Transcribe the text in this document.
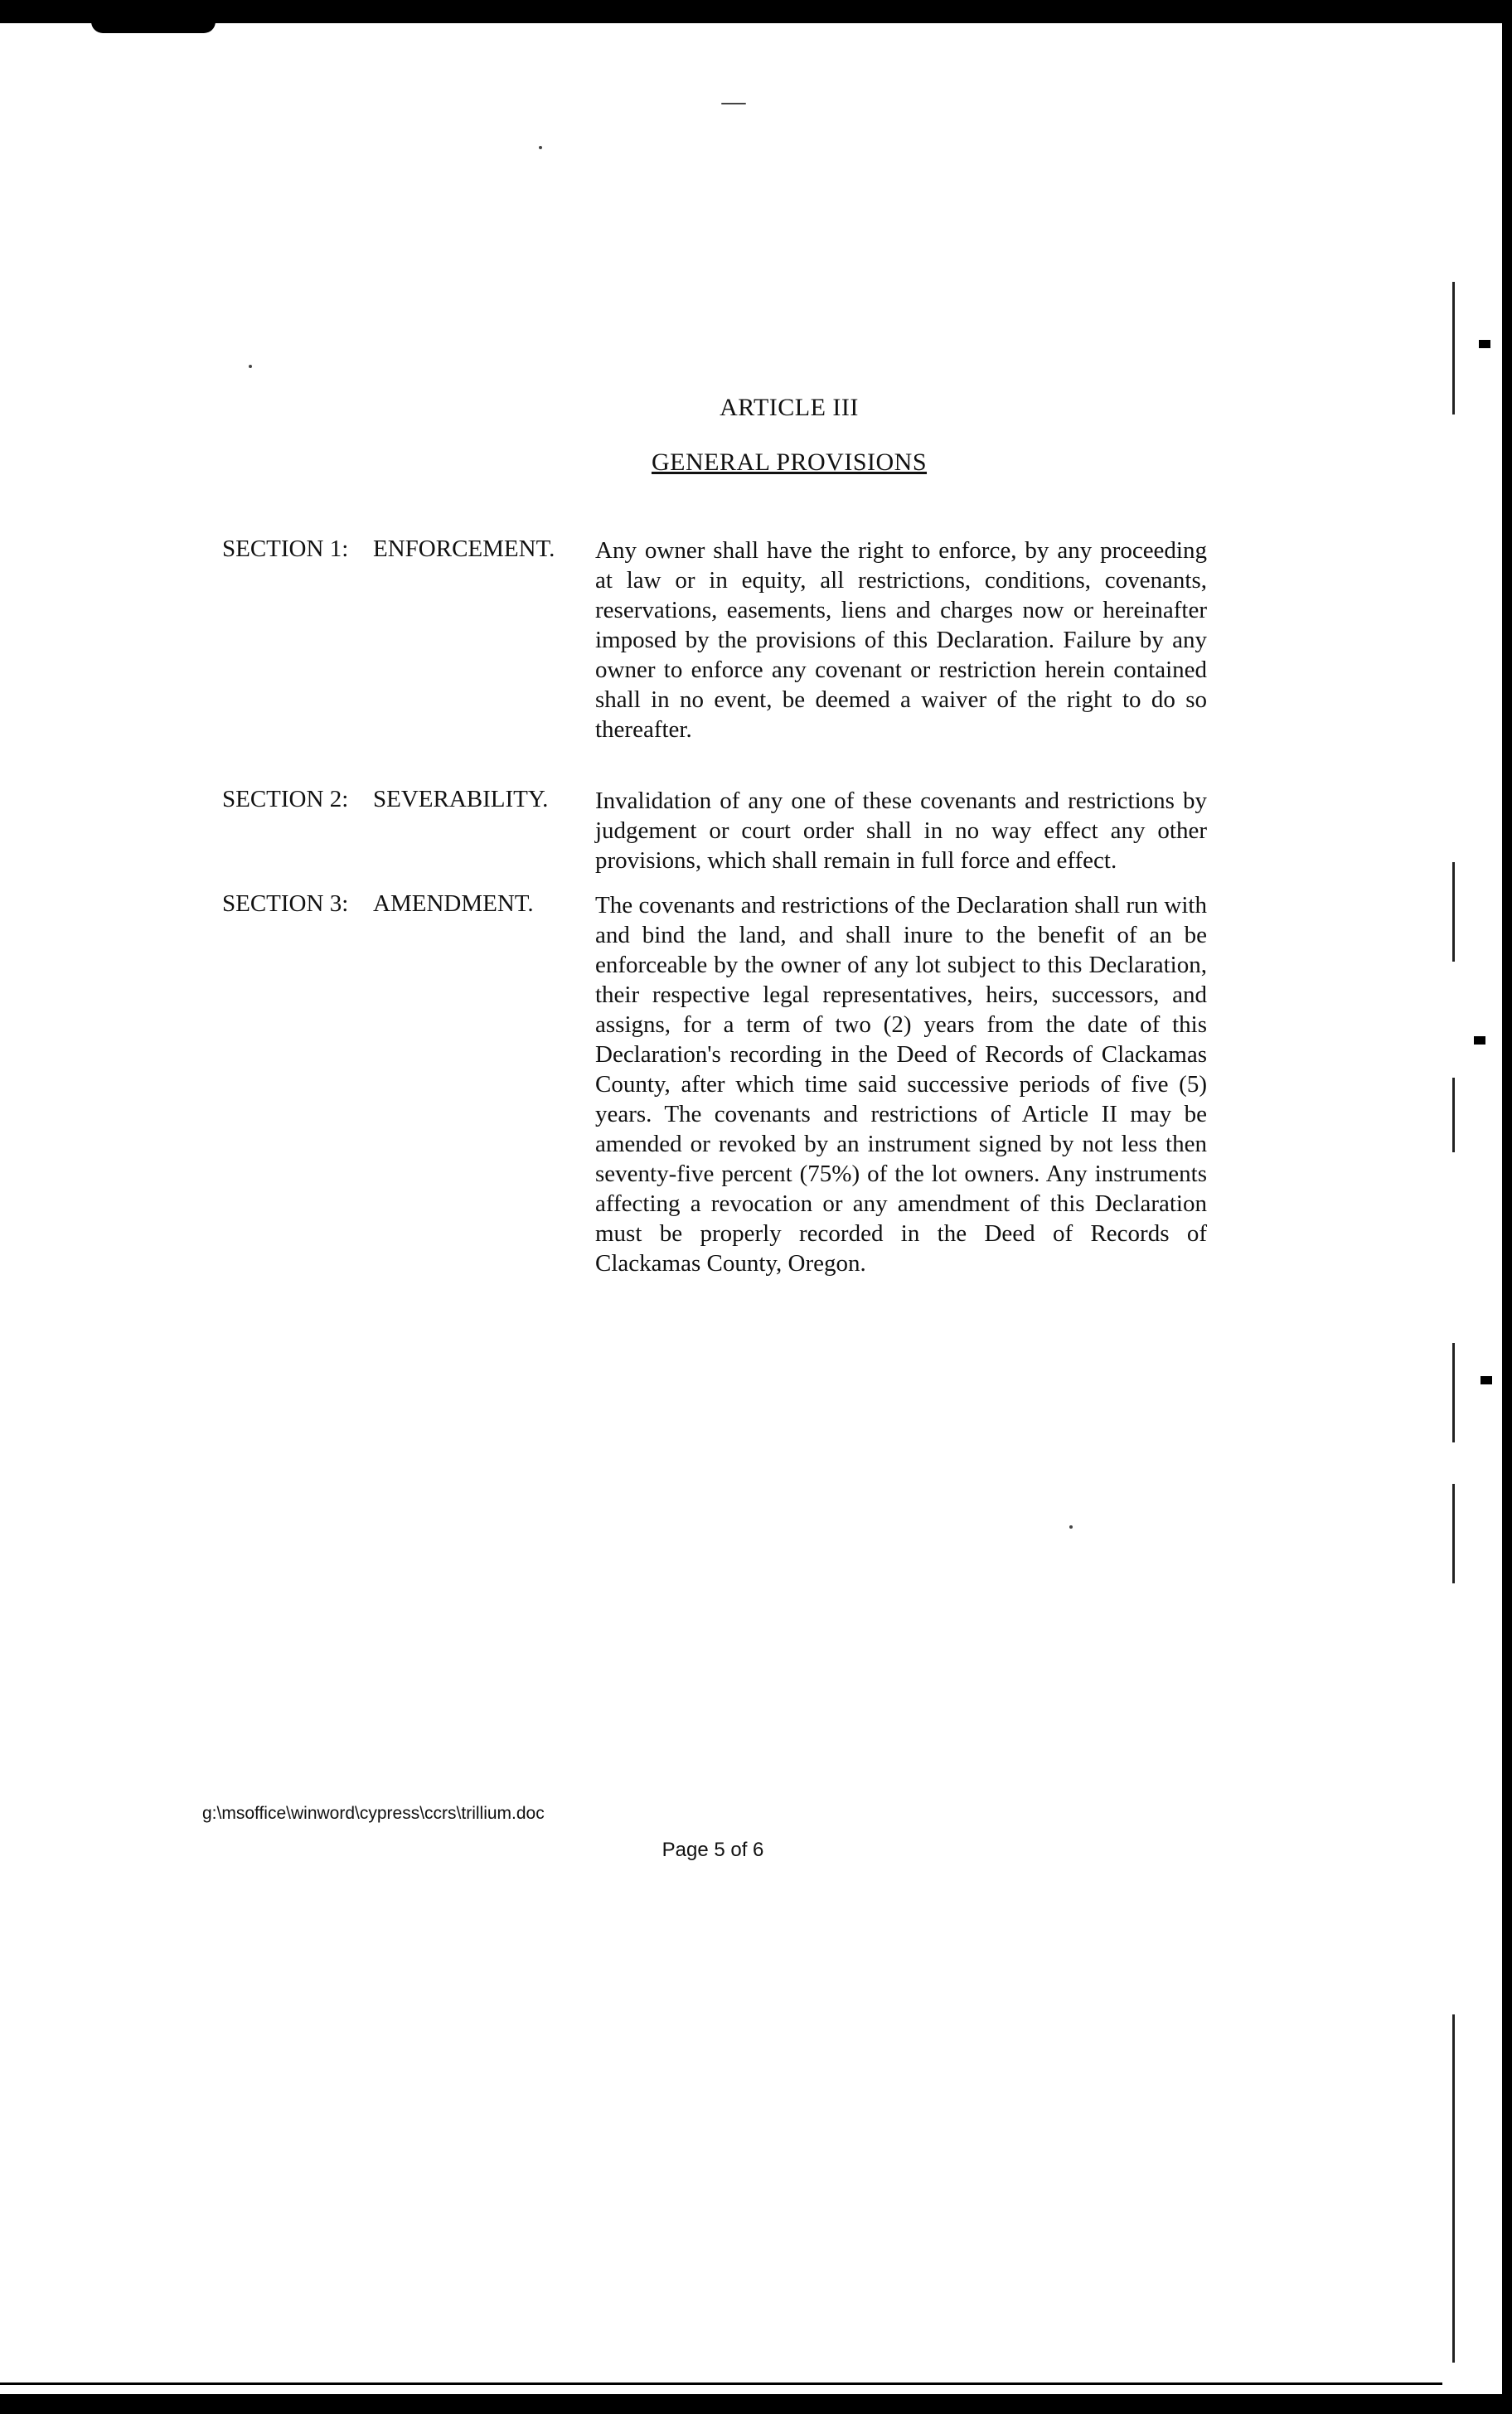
ARTICLE III
GENERAL PROVISIONS
SECTION 1: ENFORCEMENT. Any owner shall have the right to enforce, by any proceeding at law or in equity, all restrictions, conditions, covenants, reservations, easements, liens and charges now or hereinafter imposed by the provisions of this Declaration. Failure by any owner to enforce any covenant or restriction herein contained shall in no event, be deemed a waiver of the right to do so thereafter.
SECTION 2: SEVERABILITY. Invalidation of any one of these covenants and restrictions by judgement or court order shall in no way effect any other provisions, which shall remain in full force and effect.
SECTION 3: AMENDMENT.	The covenants and restrictions of the Declaration shall run with and bind the land, and shall inure to the benefit of an be enforceable by the owner of any lot subject to this Declaration, their respective legal representatives, heirs, successors, and assigns, for a term of two (2) years from the date of this Declaration's recording in the Deed of Records of Clackamas County, after which time said successive periods of five (5) years. The covenants and restrictions of Article II may be amended or revoked by an instrument signed by not less then seventy-five percent (75%) of the lot owners. Any instruments affecting a revocation or any amendment of this Declaration must be properly recorded in the Deed of Records of Clackamas County, Oregon.
g:\msoffice\winword\cypress\ccrs\trillium.doc
Page 5 of 6
